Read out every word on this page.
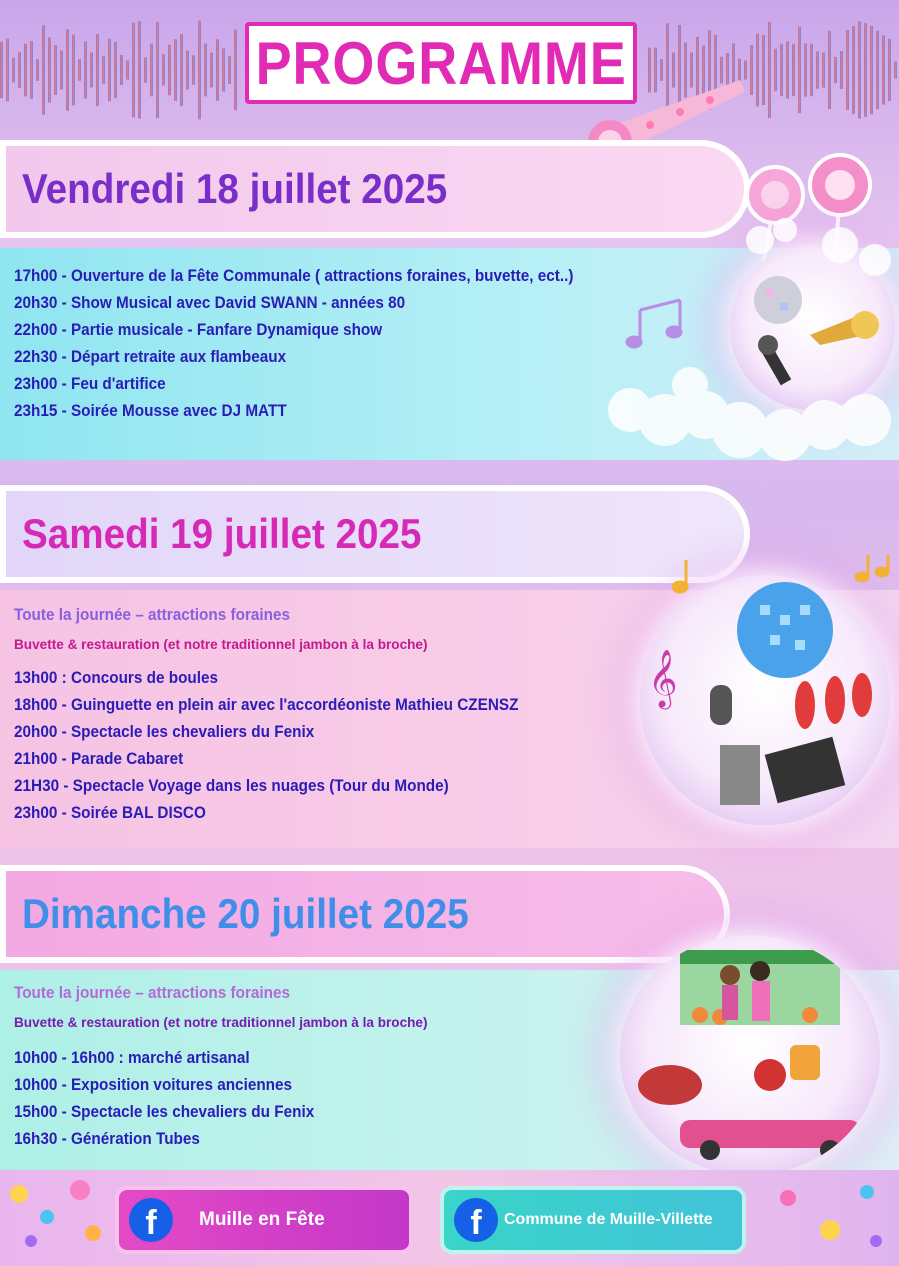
PROGRAMME
Vendredi 18 juillet 2025
17h00 - Ouverture de la Fête Communale ( attractions foraines, buvette, ect..)
20h30 - Show Musical avec David SWANN - années 80
22h00 - Partie musicale - Fanfare Dynamique show
22h30 - Départ retraite aux flambeaux
23h00 - Feu d'artifice
23h15 - Soirée Mousse avec DJ MATT
Samedi 19 juillet 2025
Toute la journée – attractions foraines
Buvette & restauration (et notre traditionnel jambon à la broche)
13h00 : Concours de boules
18h00 - Guinguette en plein air avec l'accordéoniste Mathieu CZENSZ
20h00 - Spectacle les chevaliers du Fenix
21h00 - Parade Cabaret
21H30 - Spectacle Voyage dans les nuages (Tour du Monde)
23h00 - Soirée BAL DISCO
𝄞
Dimanche 20 juillet 2025
Toute la journée – attractions foraines
Buvette & restauration (et notre traditionnel jambon à la broche)
10h00 - 16h00 : marché artisanal
10h00 - Exposition voitures anciennes
15h00 - Spectacle les chevaliers du Fenix
16h30 - Génération Tubes
f	Muille en Fête	f	Commune de Muille-Villette
